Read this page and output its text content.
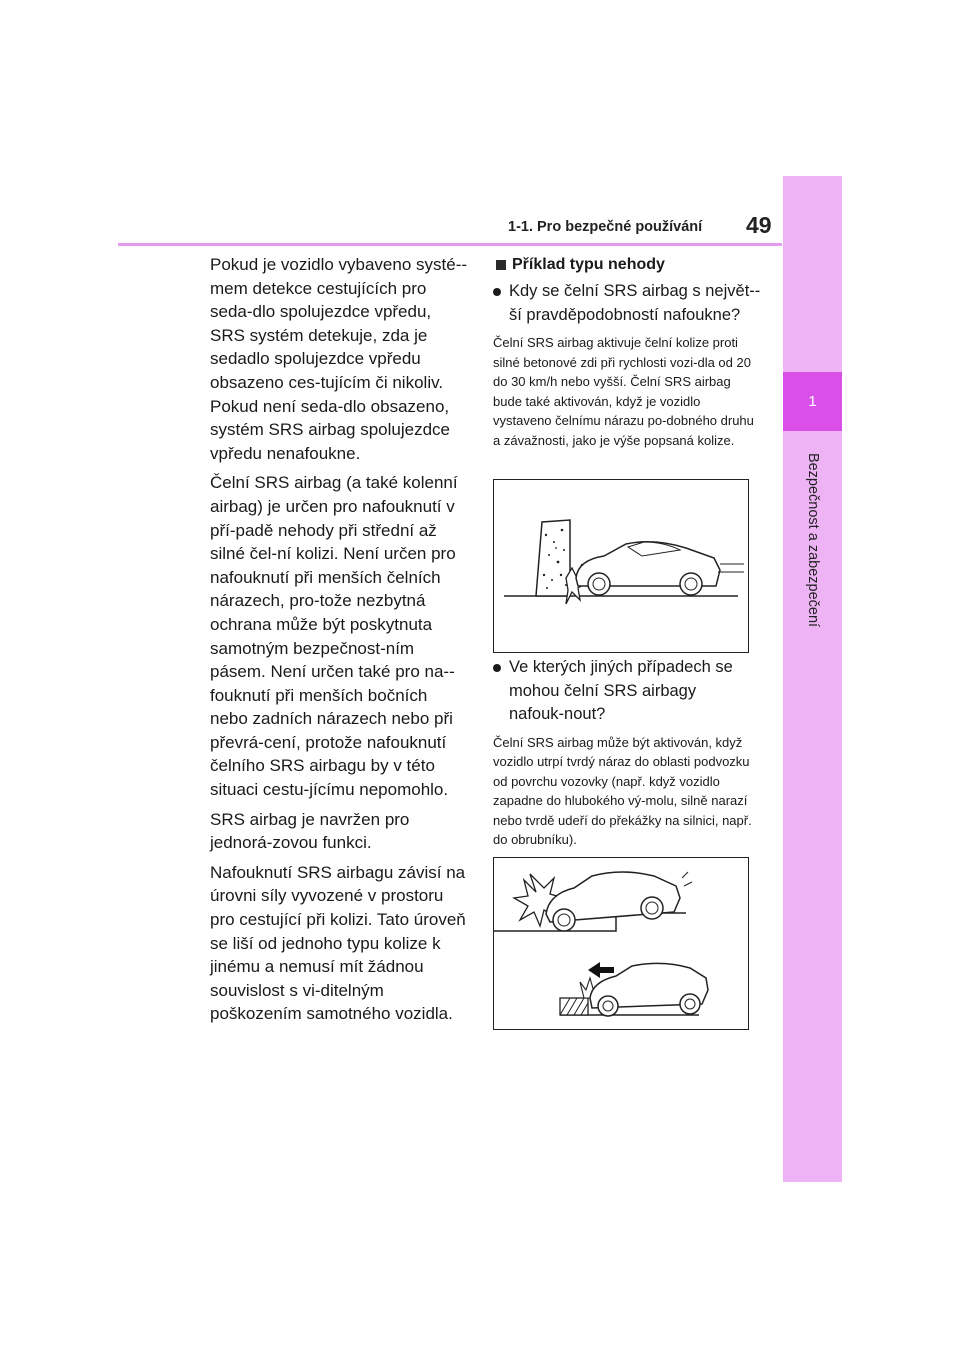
1
Bezpečnost a zabezpečení
1-1. Pro bezpečné používání 49

Pokud je vozidlo vybaveno systé-mem detekce cestujících pro seda-dlo spolujezdce vpředu, SRS systém detekuje, zda je sedadlo spolujezdce vpředu obsazeno ces-tujícím či nikoliv. Pokud není seda-dlo obsazeno, systém SRS airbag spolujezdce vpředu nenafoukne.

Čelní SRS airbag (a také kolenní airbag) je určen pro nafouknutí v pří-padě nehody při střední až silné čel-ní kolizi. Není určen pro nafouknutí při menších čelních nárazech, pro-tože nezbytná ochrana může být poskytnuta samotným bezpečnost-ním pásem. Není určen také pro na-fouknutí při menších bočních nebo zadních nárazech nebo při převrá-cení, protože nafouknutí čelního SRS airbagu by v této situaci cestu-jícímu nepomohlo.

SRS airbag je navržen pro jednorá-zovou funkci.

Nafouknutí SRS airbagu závisí na úrovni síly vyvozené v prostoru pro cestující při kolizi. Tato úroveň se liší od jednoho typu kolize k jinému a nemusí mít žádnou souvislost s vi-ditelným poškozením samotného vozidla.

Příklad typu nehody
Kdy se čelní SRS airbag s největ-ší pravděpodobností nafoukne?

Čelní SRS airbag aktivuje čelní kolize proti silné betonové zdi při rychlosti vozi-dla od 20 do 30 km/h nebo vyšší. Čelní SRS airbag bude také aktivován, když je vozidlo vystaveno čelnímu nárazu po-dobného druhu a závažnosti, jako je výše popsaná kolize.

Ve kterých jiných případech se mohou čelní SRS airbagy nafouk-nout?

Čelní SRS airbag může být aktivován, když vozidlo utrpí tvrdý náraz do oblasti podvozku od povrchu vozovky (např. když vozidlo zapadne do hlubokého vý-molu, silně narazí nebo tvrdě udeří do překážky na silnici, např. do obrubníku).
